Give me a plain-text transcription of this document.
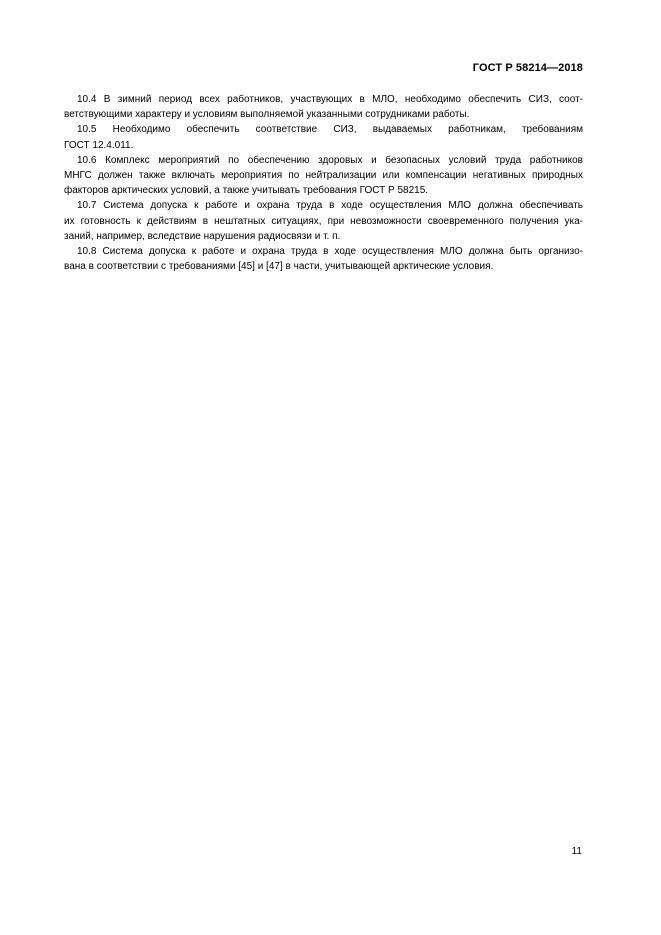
ГОСТ Р 58214—2018
10.4 В зимний период всех работников, участвующих в МЛО, необходимо обеспечить СИЗ, соот-
ветствующими характеру и условиям выполняемой указанными сотрудниками работы.
10.5 Необходимо обеспечить соответствие СИЗ, выдаваемых работникам, требованиям
ГОСТ 12.4.011.
10.6 Комплекс мероприятий по обеспечению здоровых и безопасных условий труда работников
МНГС должен также включать мероприятия по нейтрализации или компенсации негативных природных
факторов арктических условий, а также учитывать требования ГОСТ Р 58215.
10.7 Система допуска к работе и охрана труда в ходе осуществления МЛО должна обеспечивать
их готовность к действиям в нештатных ситуациях, при невозможности своевременного получения ука-
заний, например, вследствие нарушения радиосвязи и т. п.
10.8 Система допуска к работе и охрана труда в ходе осуществления МЛО должна быть организо-
вана в соответствии с требованиями [45] и [47] в части, учитывающей арктические условия.
11
